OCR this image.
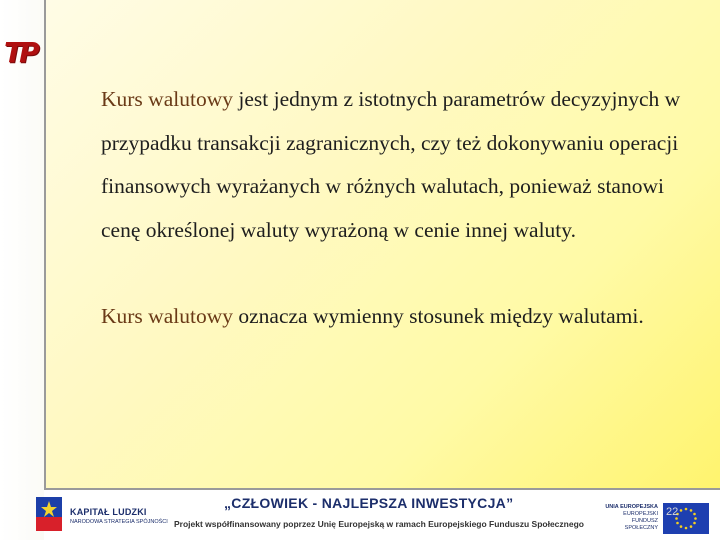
TP

Kurs walutowy jest jednym z istotnych parametrów decyzyjnych w przypadku transakcji zagranicznych, czy też dokonywaniu operacji finansowych wyrażanych w różnych walutach, ponieważ stanowi cenę określonej waluty wyrażoną w cenie innej waluty.

Kurs walutowy oznacza wymienny stosunek między walutami.

KAPITAŁ LUDZKI
NARODOWA STRATEGIA SPÓJNOŚCI
„CZŁOWIEK - NAJLEPSZA INWESTYCJA”
Projekt współfinansowany poprzez Unię Europejską w ramach Europejskiego Funduszu Społecznego
UNIA EUROPEJSKA
EUROPEJSKI
FUNDUSZ SPOŁECZNY
22
